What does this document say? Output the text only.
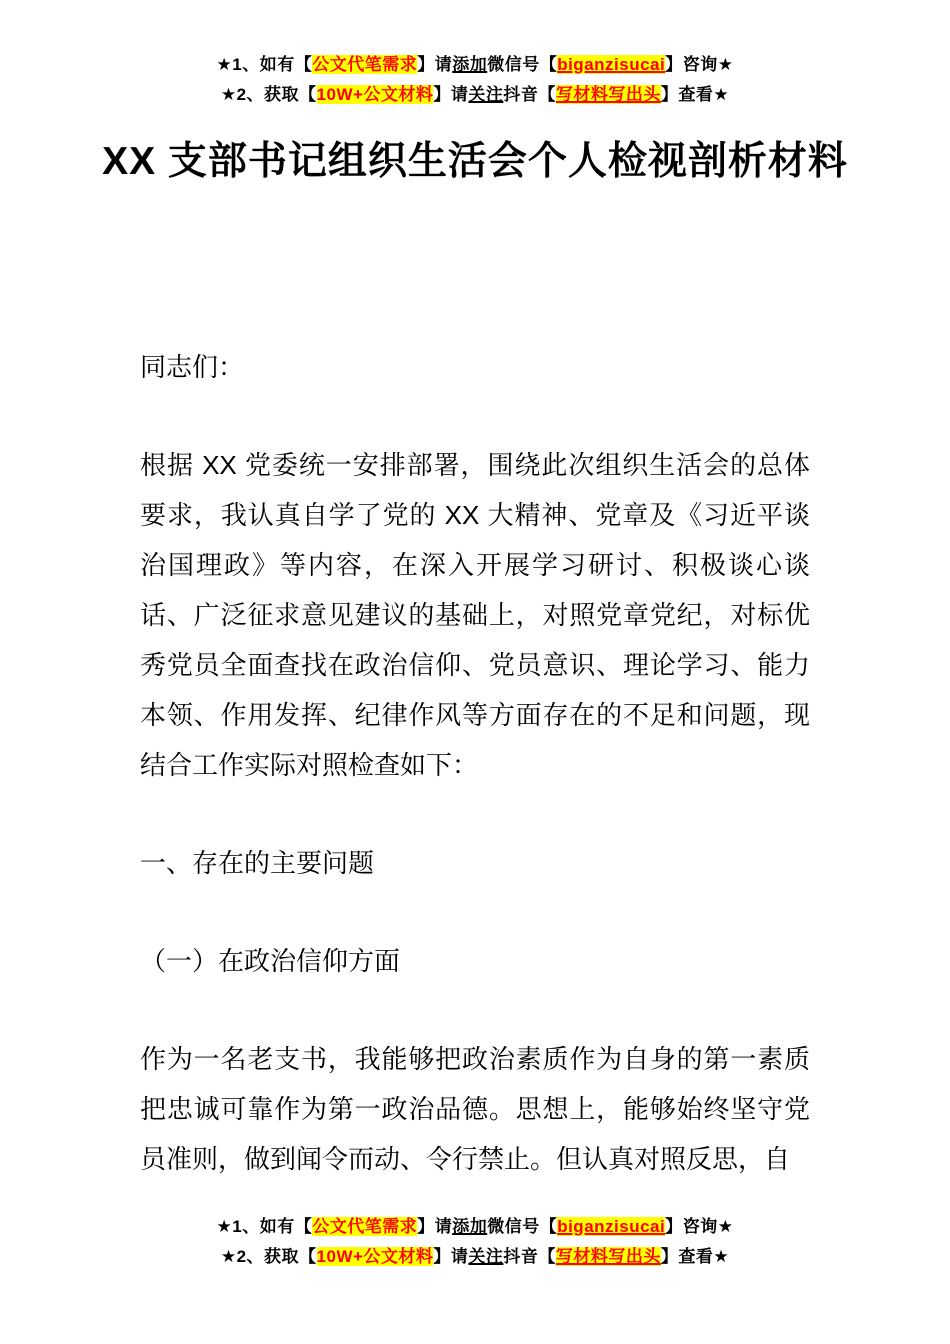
★1、如有【公文代笔需求】请添加微信号【biganzisucai】咨询★
★2、获取【10W+公文材料】请关注抖音【写材料写出头】查看★
XX 支部书记组织生活会个人检视剖析材料

同志们：

根据 XX 党委统一安排部署，围绕此次组织生活会的总体要求，我认真自学了党的 XX 大精神、党章及《习近平谈治国理政》等内容，在深入开展学习研讨、积极谈心谈话、广泛征求意见建议的基础上，对照党章党纪，对标优秀党员全面查找在政治信仰、党员意识、理论学习、能力本领、作用发挥、纪律作风等方面存在的不足和问题，现结合工作实际对照检查如下：

一、存在的主要问题

（一）在政治信仰方面

作为一名老支书，我能够把政治素质作为自身的第一素质把忠诚可靠作为第一政治品德。思想上，能够始终坚守党员准则，做到闻令而动、令行禁止。但认真对照反思，自

★1、如有【公文代笔需求】请添加微信号【biganzisucai】咨询★
★2、获取【10W+公文材料】请关注抖音【写材料写出头】查看★
